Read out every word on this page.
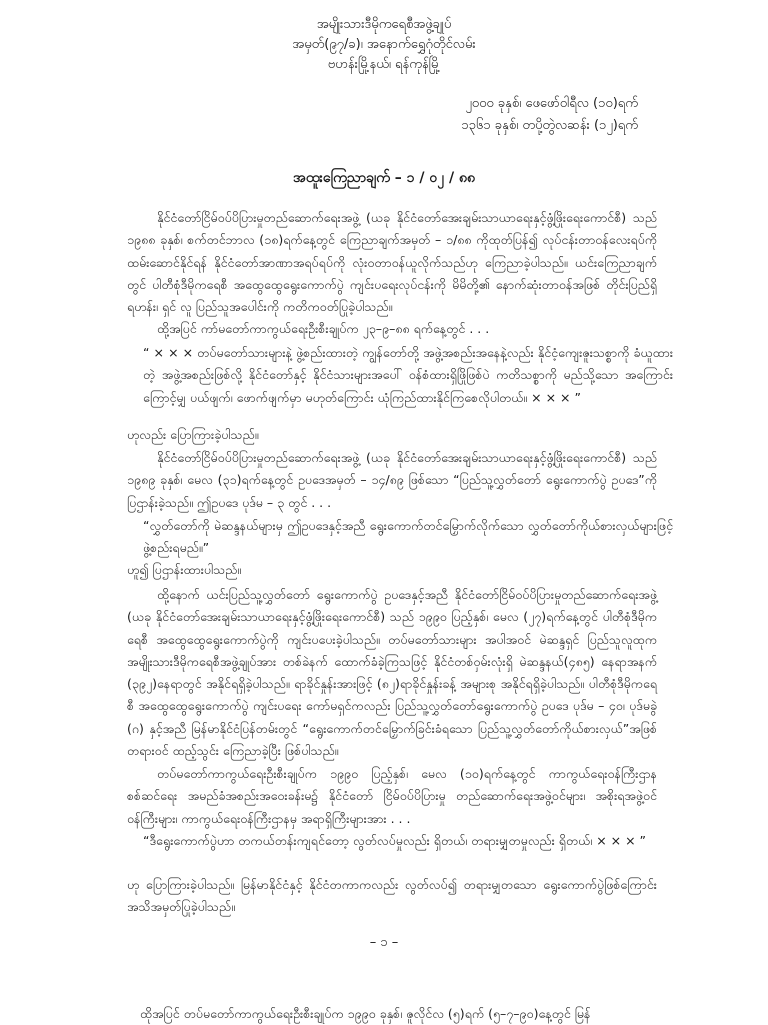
အမျိုးသားဒီမိုကရေစီအဖွဲ့ချုပ်
အမှတ်(၉၇/ခ)၊ အနောက်ရွှေဂုံတိုင်လမ်း
ဗဟန်းမြို့နယ်၊ ရန်ကုန်မြို့
၂၀၀၀ ခုနှစ်၊ ဖေဖော်ဝါရီလ (၁၀)ရက်
၁၃၆၁ ခုနှစ်၊ တပို့တွဲလဆန်း (၁၂)ရက်
အထူးကြေညာချက် – ၁ / ၀၂ / ၈၈
နိုင်ငံတော်ငြိမ်ဝပ်ပိပြားမှုတည်ဆောက်ရေးအဖွဲ့ (ယခု နိုင်ငံတော်အေးချမ်းသာယာရေးနှင့်ဖွံ့ဖြိုးရေးကောင်စီ) သည် ၁၉၈၈ ခုနှစ်၊ စက်တင်ဘာလ (၁၈)ရက်နေ့တွင် ကြေညာချက်အမှတ် – ၁/၈၈ ကိုထုတ်ပြန်၍ လုပ်ငန်းတာဝန်လေးရပ်ကို ထမ်းဆောင်နိုင်ရန် နိုင်ငံတော်အာဏာအရပ်ရပ်ကို လုံးဝတာဝန်ယူလိုက်သည်ဟု ကြေညာခဲ့ပါသည်။ ယင်းကြေညာချက်တွင် ပါတီစုံဒီမိုကရေစီ အထွေထွေရွေးကောက်ပွဲ ကျင်းပရေးလုပ်ငန်းကို မိမိတို့၏ နောက်ဆုံးတာဝန်အဖြစ် တိုင်းပြည်ရှိ ရဟန်း၊ ရှင် လူ ပြည်သူအပေါင်းကို ကတိကဝတ်ပြုခဲ့ပါသည်။
ထို့အပြင် ကာ်မတော်ကာကွယ်ရေးဦးစီးချုပ်က ၂၃–၉–၈၈ ရက်နေ့တွင် . . .
“ × × × တပ်မတော်သားများနဲ့ ဖွဲ့စည်းထားတဲ့ ကျွန်တော်တို့ အဖွဲ့အစည်းအနေနဲ့လည်း နိုင်ငံ့ကျေးဇူးသစ္စာကို ခံယူထားတဲ့ အဖွဲ့အစည်းဖြစ်လို့ နိုင်ငံတော်နှင့် နိုင်ငံသားများအပေါ် ဝန်စံထားရှိဖြိုဖြစ်ပဲ ကတိသစ္စာကို မည်သို့သော အကြောင်းကြောင့်မျှ ပယ်ဖျက်၊ ဖောက်ဖျက်မှာ မဟုတ်ကြောင်း ယုံကြည်ထားနိုင်ကြစေလိုပါတယ်။ × × × ”
ဟုလည်း ပြောကြားခဲ့ပါသည်။
နိုင်ငံတော်ငြိမ်ဝပ်ပိပြားမှုတည်ဆောက်ရေးအဖွဲ့ (ယခု နိုင်ငံတော်အေးချမ်းသာယာရေးနှင့်ဖွံ့ဖြိုးရေးကောင်စီ) သည် ၁၉၈၉ ခုနှစ်၊ မေလ (၃၁)ရက်နေ့တွင် ဥပဒေအမှတ် – ၁၄/၈၉ ဖြစ်သော “ပြည်သူ့လွှတ်တော် ရွေးကောက်ပွဲ ဥပဒေ”ကို ပြဌာန်းခဲ့သည်။ ဤဥပဒေ ပုဒ်မ – ၃ တွင် . . .
“လွှတ်တော်ကို မဲဆန္ဒနယ်များမှ ဤဥပဒေနှင့်အညီ ရွေးကောက်တင်မြှောက်လိုက်သော လွှတ်တော်ကိုယ်စားလှယ်များဖြင့် ဖွဲ့စည်းရမည်။”
ဟူ၍ ပြဌာန်းထားပါသည်။
ထို့နောက် ယင်းပြည်သူ့လွှတ်တော် ရွေးကောက်ပွဲ ဥပဒေနှင့်အညီ နိုင်ငံတော်ငြိမ်ဝပ်ပိပြားမှုတည်ဆောက်ရေးအဖွဲ့ (ယခု နိုင်ငံတော်အေးချမ်းသာယာရေးနှင့်ဖွံ့ဖြိုးရေးကောင်စီ) သည် ၁၉၉၀ ပြည့်နှစ်၊ မေလ (၂၇)ရက်နေ့တွင် ပါတီစုံဒီမိုကရေစီ အထွေထွေရွေးကောက်ပွဲကို ကျင်းပပေးခဲ့ပါသည်။ တပ်မတော်သားများ အပါအဝင် မဲဆန္ဒရှင် ပြည်သူလူထုက အမျိုးသားဒီမိုကရေစီအဖွဲ့ချုပ်အား တစ်ခဲနက် ထောက်ခံခဲ့ကြသဖြင့် နိုင်ငံတစ်ဝှမ်းလုံးရှိ မဲဆန္ဒနယ်(၄၈၅) နေရာအနက် (၃၉၂)နေရာတွင် အနိုင်ရရှိခဲ့ပါသည်။ ရာခိုင်နှုန်းအားဖြင့် (၈၂)ရာခိုင်နှုန်းခန့် အများစု အနိုင်ရရှိခဲ့ပါသည်။ ပါတီစုံဒီမိုကရေစီ အထွေထွေရွေးကောက်ပွဲ ကျင်းပရေး ကော်မရှင်ကလည်း ပြည်သူ့လွှတ်တော်ရွေးကောက်ပွဲ ဥပဒေ ပုဒ်မ – ၄၀၊ ပုဒ်မခွဲ (ဂ) နှင့်အညီ မြန်မာနိုင်ငံပြန်တမ်းတွင် “ရွေးကောက်တင်မြှောက်ခြင်းခံရသော ပြည်သူ့လွှတ်တော်ကိုယ်စားလှယ်”အဖြစ် တရားဝင် ထည့်သွင်း ကြေညာခဲ့ပြီး ဖြစ်ပါသည်။
တပ်မတော်ကာကွယ်ရေးဦးစီးချုပ်က ၁၉၉၀ ပြည့်နှစ်၊ မေလ (၁၀)ရက်နေ့တွင် ကာကွယ်ရေးဝန်ကြီးဌာန စစ်ဆင်ရေး အမည်ခံအစည်းအဝေးခန်းမ၌ နိုင်ငံ‌တော် ငြိမ်ဝပ်ပိပြားမှု တည်ဆောက်ရေးအဖွဲ့ဝင်များ၊ အစိုးရအဖွဲ့ဝင် ဝန်ကြီးများ၊ ကာကွယ်ရေးဝန်ကြီးဌာနမှ အရာရှိကြီးများအား . . .
“ဒီရွေးကောက်ပွဲဟာ တကယ်တန်းကျရင်တော့ လွတ်လပ်မှုလည်း ရှိတယ်၊ တရားမျှတမှုလည်း ရှိတယ်၊ × × × ”
ဟု ပြောကြားခဲ့ပါသည်။ မြန်မာနိုင်ငံနှင့် နိုင်ငံတကာကလည်း လွတ်လပ်၍ တရားမျှတသော ရွေးကောက်ပွဲဖြစ်ကြောင်း အသိအမှတ်ပြုခဲ့ပါသည်။
– ၁ –
ထိုအပြင် တပ်မတော်ကာကွယ်ရေးဦးစီးချုပ်က ၁၉၉၀ ခုနှစ်၊ ဇူလိုင်လ (၅)ရက် (၅–၇–၉၀)နေ့တွင် မြန်
